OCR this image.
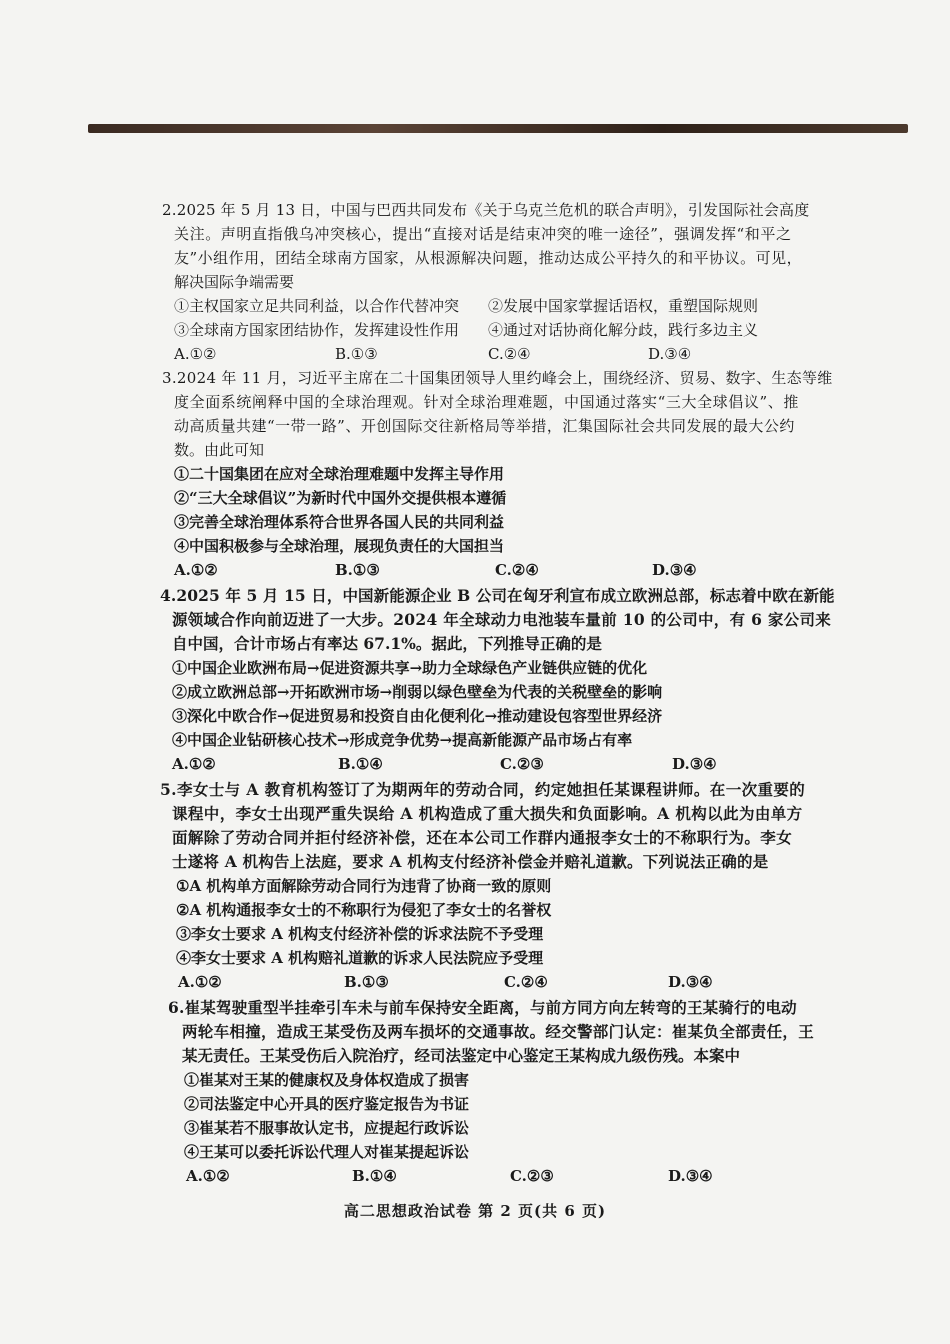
2.2025 年 5 月 13 日，中国与巴西共同发布《关于乌克兰危机的联合声明》，引发国际社会高度
关注。声明直指俄乌冲突核心，提出“直接对话是结束冲突的唯一途径”，强调发挥“和平之
友”小组作用，团结全球南方国家，从根源解决问题，推动达成公平持久的和平协议。可见，
解决国际争端需要
①主权国家立足共同利益，以合作代替冲突 ②发展中国家掌握话语权，重塑国际规则
③全球南方国家团结协作，发挥建设性作用 ④通过对话协商化解分歧，践行多边主义
A.①②	B.①③	C.②④	D.③④
3.2024 年 11 月，习近平主席在二十国集团领导人里约峰会上，围绕经济、贸易、数字、生态等维
度全面系统阐释中国的全球治理观。针对全球治理难题，中国通过落实“三大全球倡议”、推
动高质量共建“一带一路”、开创国际交往新格局等举措，汇集国际社会共同发展的最大公约
数。由此可知
①二十国集团在应对全球治理难题中发挥主导作用
②“三大全球倡议”为新时代中国外交提供根本遵循
③完善全球治理体系符合世界各国人民的共同利益
④中国积极参与全球治理，展现负责任的大国担当
A.①②	B.①③	C.②④	D.③④
4.2025 年 5 月 15 日，中国新能源企业 B 公司在匈牙利宣布成立欧洲总部，标志着中欧在新能
源领域合作向前迈进了一大步。2024 年全球动力电池装车量前 10 的公司中，有 6 家公司来
自中国，合计市场占有率达 67.1%。据此，下列推导正确的是
①中国企业欧洲布局→促进资源共享→助力全球绿色产业链供应链的优化
②成立欧洲总部→开拓欧洲市场→削弱以绿色壁垒为代表的关税壁垒的影响
③深化中欧合作→促进贸易和投资自由化便利化→推动建设包容型世界经济
④中国企业钻研核心技术→形成竞争优势→提高新能源产品市场占有率
A.①②	B.①④	C.②③	D.③④
5.李女士与 A 教育机构签订了为期两年的劳动合同，约定她担任某课程讲师。在一次重要的
课程中，李女士出现严重失误给 A 机构造成了重大损失和负面影响。A 机构以此为由单方
面解除了劳动合同并拒付经济补偿，还在本公司工作群内通报李女士的不称职行为。李女
士遂将 A 机构告上法庭，要求 A 机构支付经济补偿金并赔礼道歉。下列说法正确的是
①A 机构单方面解除劳动合同行为违背了协商一致的原则
②A 机构通报李女士的不称职行为侵犯了李女士的名誉权
③李女士要求 A 机构支付经济补偿的诉求法院不予受理
④李女士要求 A 机构赔礼道歉的诉求人民法院应予受理
A.①②	B.①③	C.②④	D.③④
6.崔某驾驶重型半挂牵引车未与前车保持安全距离，与前方同方向左转弯的王某骑行的电动
两轮车相撞，造成王某受伤及两车损坏的交通事故。经交警部门认定：崔某负全部责任，王
某无责任。王某受伤后入院治疗，经司法鉴定中心鉴定王某构成九级伤残。本案中
①崔某对王某的健康权及身体权造成了损害
②司法鉴定中心开具的医疗鉴定报告为书证
③崔某若不服事故认定书，应提起行政诉讼
④王某可以委托诉讼代理人对崔某提起诉讼
A.①②	B.①④	C.②③	D.③④
高二思想政治试卷 第 2 页(共 6 页)
